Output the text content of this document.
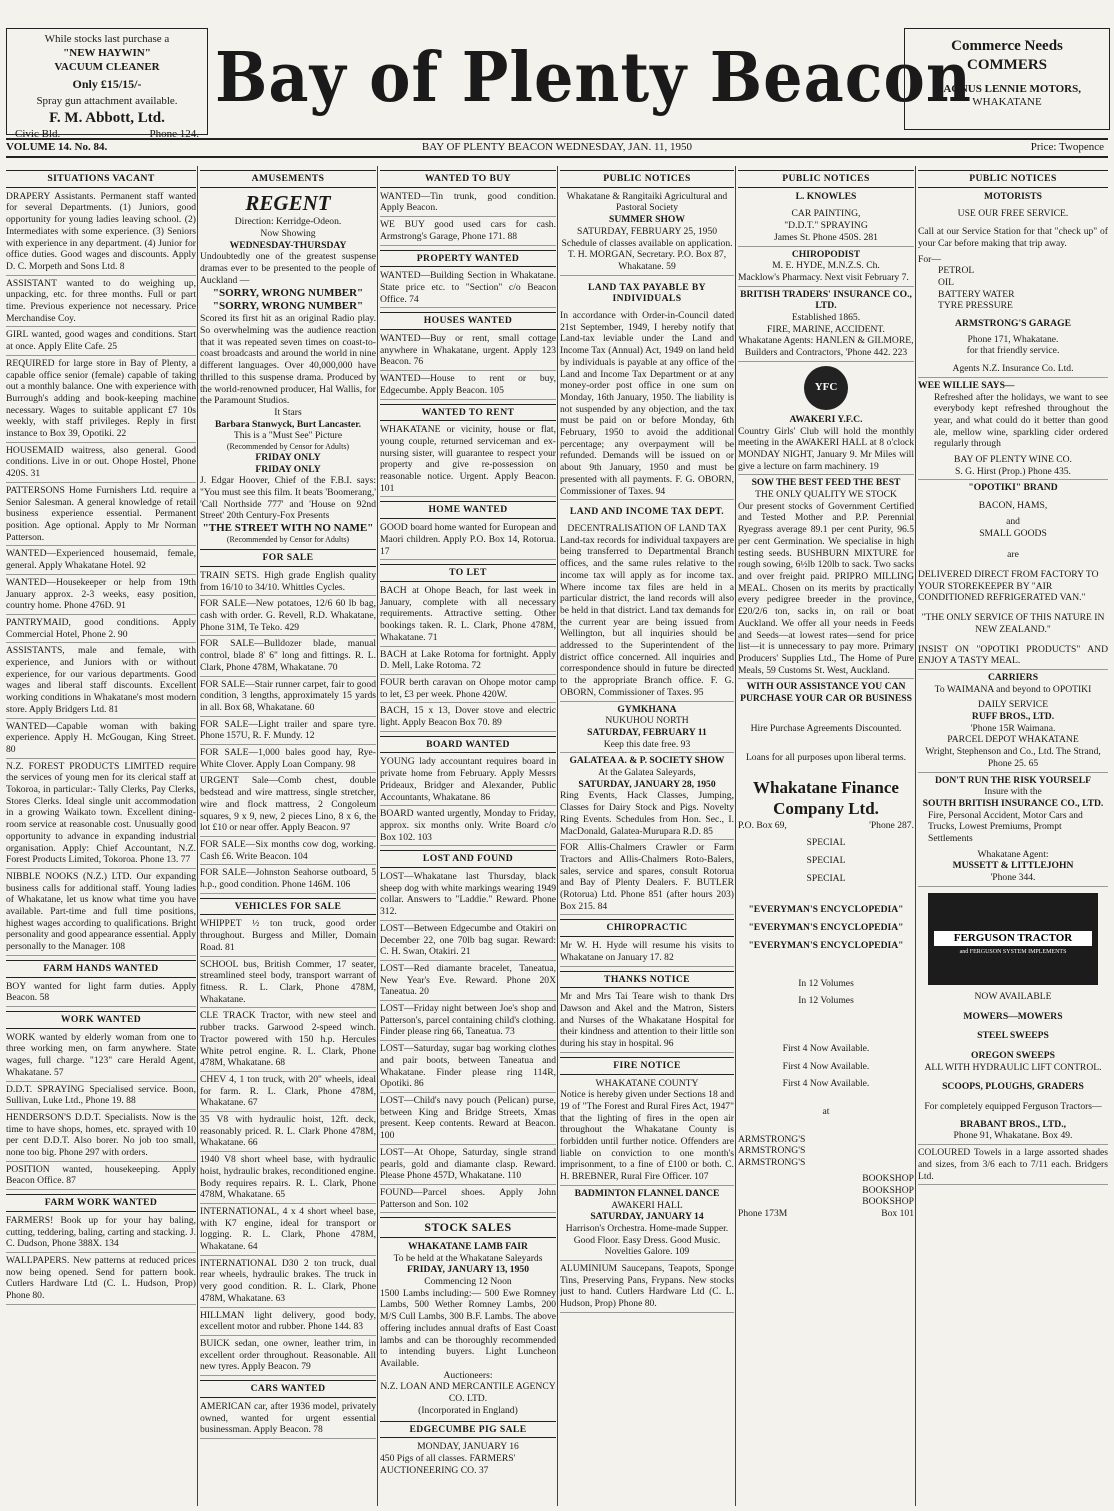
While stocks last purchase a

"NEW HAYWIN"

VACUUM CLEANER

Only £15/15/-

Spray gun attachment available.

F. M. Abbott, Ltd.

Civic Bld.	Phone 124.

Bay of Plenty Beacon

Commerce Needs

COMMERS

MAGNUS LENNIE MOTORS,

WHAKATANE

VOLUME 14. No. 84.	BAY OF PLENTY BEACON WEDNESDAY, JAN. 11, 1950	Price: Twopence
SITUATIONS VACANT

DRAPERY Assistants. Permanent staff wanted for several Departments. (1) Juniors, good opportunity for young ladies leaving school. (2) Intermediates with some experience. (3) Seniors with experience in any department. (4) Junior for office duties. Good wages and discounts. Apply D. C. Morpeth and Sons Ltd. 8

ASSISTANT wanted to do weighing up, unpacking, etc. for three months. Full or part time. Previous experience not necessary. Price Merchandise Coy.

GIRL wanted, good wages and conditions. Start at once. Apply Elite Cafe. 25

REQUIRED for large store in Bay of Plenty, a capable office senior (female) capable of taking out a monthly balance. One with experience with Burrough's adding and book-keeping machine necessary. Wages to suitable applicant £7 10s weekly, with staff privileges. Reply in first instance to Box 39, Opotiki. 22

HOUSEMAID waitress, also general. Good conditions. Live in or out. Ohope Hostel, Phone 420S. 31

PATTERSONS Home Furnishers Ltd. require a Senior Salesman. A general knowledge of retail business experience essential. Permanent position. Age optional. Apply to Mr Norman Patterson.

WANTED—Experienced housemaid, female, general. Apply Whakatane Hotel. 92

WANTED—Housekeeper or help from 19th January approx. 2-3 weeks, easy position, country home. Phone 476D. 91

PANTRYMAID, good conditions. Apply Commercial Hotel, Phone 2. 90

ASSISTANTS, male and female, with experience, and Juniors with or without experience, for our various departments. Good wages and liberal staff discounts. Excellent working conditions in Whakatane's most modern store. Apply Bridgers Ltd. 81

WANTED—Capable woman with baking experience. Apply H. McGougan, King Street. 80

N.Z. FOREST PRODUCTS LIMITED require the services of young men for its clerical staff at Tokoroa, in particular:- Tally Clerks, Pay Clerks, Stores Clerks. Ideal single unit accommodation in a growing Waikato town. Excellent dining-room service at reasonable cost. Unusually good opportunity to advance in expanding industrial organisation. Apply: Chief Accountant, N.Z. Forest Products Limited, Tokoroa. Phone 13. 77

NIBBLE NOOKS (N.Z.) LTD. Our expanding business calls for additional staff. Young ladies of Whakatane, let us know what time you have available. Part-time and full time positions, highest wages according to qualifications. Bright personality and good appearance essential. Apply personally to the Manager. 108

FARM HANDS WANTED

BOY wanted for light farm duties. Apply Beacon. 58

WORK WANTED

WORK wanted by elderly woman from one to three working men, on farm anywhere. State wages, full charge. "123" care Herald Agent, Whakatane. 57

D.D.T. SPRAYING Specialised service. Boon, Sullivan, Luke Ltd., Phone 19. 88

HENDERSON'S D.D.T. Specialists. Now is the time to have shops, homes, etc. sprayed with 10 per cent D.D.T. Also borer. No job too small, none too big. Phone 297 with orders.

POSITION wanted, housekeeping. Apply Beacon Office. 87

FARM WORK WANTED

FARMERS! Book up for your hay baling, cutting, teddering, baling, carting and stacking. J. C. Dudson, Phone 388X. 134

WALLPAPERS. New patterns at reduced prices now being opened. Send for pattern book. Cutlers Hardware Ltd (C. L. Hudson, Prop) Phone 80.

AMUSEMENTS

REGENT

Direction: Kerridge-Odeon.

Now Showing

WEDNESDAY-THURSDAY

Undoubtedly one of the greatest suspense dramas ever to be presented to the people of Auckland —

"SORRY, WRONG NUMBER"

"SORRY, WRONG NUMBER"

Scored its first hit as an original Radio play. So overwhelming was the audience reaction that it was repeated seven times on coast-to-coast broadcasts and around the world in nine different languages. Over 40,000,000 have thrilled to this suspense drama. Produced by the world-renowned producer, Hal Wallis, for the Paramount Studios.

It Stars

Barbara Stanwyck, Burt Lancaster.

This is a "Must See" Picture

(Recommended by Censor for Adults)

FRIDAY ONLY

FRIDAY ONLY

J. Edgar Hoover, Chief of the F.B.I. says: "You must see this film. It beats 'Boomerang,' 'Call Northside 777' and 'House on 92nd Street' 20th Century-Fox Presents

"THE STREET WITH NO NAME"

(Recommended by Censor for Adults)

FOR SALE

TRAIN SETS. High grade English quality from 16/10 to 34/10. Whittles Cycles.

FOR SALE—New potatoes, 12/6 60 lb bag, cash with order. G. Revell, R.D. Whakatane, Phone 31M, Te Teko. 429

FOR SALE—Bulldozer blade, manual control, blade 8' 6" long and fittings. R. L. Clark, Phone 478M, Whakatane. 70

FOR SALE—Stair runner carpet, fair to good condition, 3 lengths, approximately 15 yards in all. Box 68, Whakatane. 60

FOR SALE—Light trailer and spare tyre. Phone 157U, R. F. Mundy. 12

FOR SALE—1,000 bales good hay, Rye-White Clover. Apply Loan Company. 98

URGENT Sale—Comb chest, double bedstead and wire mattress, single stretcher, wire and flock mattress, 2 Congoleum squares, 9 x 9, new, 2 pieces Lino, 8 x 6, the lot £10 or near offer. Apply Beacon. 97

FOR SALE—Six months cow dog, working. Cash £6. Write Beacon. 104

FOR SALE—Johnston Seahorse outboard, 5 h.p., good condition. Phone 146M. 106

VEHICLES FOR SALE

WHIPPET ½ ton truck, good order throughout. Burgess and Miller, Domain Road. 81

SCHOOL bus, British Commer, 17 seater, streamlined steel body, transport warrant of fitness. R. L. Clark, Phone 478M, Whakatane.

CLE TRACK Tractor, with new steel and rubber tracks. Garwood 2-speed winch. Tractor powered with 150 h.p. Hercules White petrol engine. R. L. Clark, Phone 478M, Whakatane. 68

CHEV 4, 1 ton truck, with 20" wheels, ideal for farm. R. L. Clark, Phone 478M, Whakatane. 67

35 V8 with hydraulic hoist, 12ft. deck, reasonably priced. R. L. Clark Phone 478M, Whakatane. 66

1940 V8 short wheel base, with hydraulic hoist, hydraulic brakes, reconditioned engine. Body requires repairs. R. L. Clark, Phone 478M, Whakatane. 65

INTERNATIONAL, 4 x 4 short wheel base, with K7 engine, ideal for transport or logging. R. L. Clark, Phone 478M, Whakatane. 64

INTERNATIONAL D30 2 ton truck, dual rear wheels, hydraulic brakes. The truck in very good condition. R. L. Clark, Phone 478M, Whakatane. 63

HILLMAN light delivery, good body, excellent motor and rubber. Phone 144. 83

BUICK sedan, one owner, leather trim, in excellent order throughout. Reasonable. All new tyres. Apply Beacon. 79

CARS WANTED

AMERICAN car, after 1936 model, privately owned, wanted for urgent essential businessman. Apply Beacon. 78

WANTED TO BUY

WANTED—Tin trunk, good condition. Apply Beacon.

WE BUY good used cars for cash. Armstrong's Garage, Phone 171. 88

PROPERTY WANTED

WANTED—Building Section in Whakatane. State price etc. to "Section" c/o Beacon Office. 74

HOUSES WANTED

WANTED—Buy or rent, small cottage anywhere in Whakatane, urgent. Apply 123 Beacon. 76

WANTED—House to rent or buy, Edgecumbe. Apply Beacon. 105

WANTED TO RENT

WHAKATANE or vicinity, house or flat, young couple, returned serviceman and ex-nursing sister, will guarantee to respect your property and give re-possession on reasonable notice. Urgent. Apply Beacon. 101

HOME WANTED

GOOD board home wanted for European and Maori children. Apply P.O. Box 14, Rotorua. 17

TO LET

BACH at Ohope Beach, for last week in January, complete with all necessary requirements. Attractive setting. Other bookings taken. R. L. Clark, Phone 478M, Whakatane. 71

BACH at Lake Rotoma for fortnight. Apply D. Mell, Lake Rotoma. 72

FOUR berth caravan on Ohope motor camp to let, £3 per week. Phone 420W.

BACH, 15 x 13, Dover stove and electric light. Apply Beacon Box 70. 89

BOARD WANTED

YOUNG lady accountant requires board in private home from February. Apply Messrs Prideaux, Bridger and Alexander, Public Accountants, Whakatane. 86

BOARD wanted urgently, Monday to Friday, approx. six months only. Write Board c/o Box 102. 103

LOST AND FOUND

LOST—Whakatane last Thursday, black sheep dog with white markings wearing 1949 collar. Answers to "Laddie." Reward. Phone 312.

LOST—Between Edgecumbe and Otakiri on December 22, one 70lb bag sugar. Reward: C. H. Swan, Otakiri. 21

LOST—Red diamante bracelet, Taneatua, New Year's Eve. Reward. Phone 20X Taneatua. 20

LOST—Friday night between Joe's shop and Patterson's, parcel containing child's clothing. Finder please ring 66, Taneatua. 73

LOST—Saturday, sugar bag working clothes and pair boots, between Taneatua and Whakatane. Finder please ring 114R, Opotiki. 86

LOST—Child's navy pouch (Pelican) purse, between King and Bridge Streets, Xmas present. Keep contents. Reward at Beacon. 100

LOST—At Ohope, Saturday, single strand pearls, gold and diamante clasp. Reward. Please Phone 457D, Whakatane. 110

FOUND—Parcel shoes. Apply John Patterson and Son. 102

STOCK SALES

WHAKATANE LAMB FAIR

To be held at the Whakatane Saleyards

FRIDAY, JANUARY 13, 1950

Commencing 12 Noon

1500 Lambs including:— 500 Ewe Romney Lambs, 500 Wether Romney Lambs, 200 M/S Cull Lambs, 300 B.F. Lambs. The above offering includes annual drafts of East Coast lambs and can be thoroughly recommended to intending buyers. Light Luncheon Available.

Auctioneers:

N.Z. LOAN AND MERCANTILE AGENCY CO. LTD.

(Incorporated in England)

EDGECUMBE PIG SALE

MONDAY, JANUARY 16

450 Pigs of all classes. FARMERS' AUCTIONEERING CO. 37

PUBLIC NOTICES

Whakatane & Rangitaiki Agricultural and Pastoral Society

SUMMER SHOW

SATURDAY, FEBRUARY 25, 1950

Schedule of classes available on application.

T. H. MORGAN, Secretary. P.O. Box 87, Whakatane. 59

LAND TAX PAYABLE BY INDIVIDUALS

In accordance with Order-in-Council dated 21st September, 1949, I hereby notify that Land-tax leviable under the Land and Income Tax (Annual) Act, 1949 on land held by individuals is payable at any office of the Land and Income Tax Department or at any money-order post office in one sum on Monday, 16th January, 1950. The liability is not suspended by any objection, and the tax must be paid on or before Monday, 6th February, 1950 to avoid the additional percentage; any overpayment will be refunded. Demands will be issued on or about 9th January, 1950 and must be presented with all payments. F. G. OBORN, Commissioner of Taxes. 94

LAND AND INCOME TAX DEPT.

DECENTRALISATION OF LAND TAX

Land-tax records for individual taxpayers are being transferred to Departmental Branch offices, and the same rules relative to the income tax will apply as for income tax. Where income tax files are held in a particular district, the land records will also be held in that district. Land tax demands for the current year are being issued from Wellington, but all inquiries should be addressed to the Superintendent of the district office concerned. All inquiries and correspondence should in future be directed to the appropriate Branch office. F. G. OBORN, Commissioner of Taxes. 95

GYMKHANA

NUKUHOU NORTH

SATURDAY, FEBRUARY 11

Keep this date free. 93

GALATEA A. & P. SOCIETY SHOW

At the Galatea Saleyards,

SATURDAY, JANUARY 28, 1950

Ring Events, Hack Classes, Jumping, Classes for Dairy Stock and Pigs. Novelty Ring Events. Schedules from Hon. Sec., I. MacDonald, Galatea-Murupara R.D. 85

FOR Allis-Chalmers Crawler or Farm Tractors and Allis-Chalmers Roto-Balers, sales, service and spares, consult Rotorua and Bay of Plenty Dealers. F. BUTLER (Rotorua) Ltd. Phone 851 (after hours 203) Box 215. 84

CHIROPRACTIC

Mr W. H. Hyde will resume his visits to Whakatane on January 17. 82

THANKS NOTICE

Mr and Mrs Tai Teare wish to thank Drs Dawson and Akel and the Matron, Sisters and Nurses of the Whakatane Hospital for their kindness and attention to their little son during his stay in hospital. 96

FIRE NOTICE

WHAKATANE COUNTY

Notice is hereby given under Sections 18 and 19 of "The Forest and Rural Fires Act, 1947" that the lighting of fires in the open air throughout the Whakatane County is forbidden until further notice. Offenders are liable on conviction to one month's imprisonment, to a fine of £100 or both. C. H. BREBNER, Rural Fire Officer. 107

BADMINTON FLANNEL DANCE

AWAKERI HALL

SATURDAY, JANUARY 14

Harrison's Orchestra. Home-made Supper. Good Floor. Easy Dress. Good Music. Novelties Galore. 109

ALUMINIUM Saucepans, Teapots, Sponge Tins, Preserving Pans, Frypans. New stocks just to hand. Cutlers Hardware Ltd (C. L. Hudson, Prop) Phone 80.

PUBLIC NOTICES

L. KNOWLES

CAR PAINTING,

"D.D.T." SPRAYING

James St. Phone 450S. 281

CHIROPODIST

M. E. HYDE, M.N.Z.S. Ch.

Macklow's Pharmacy. Next visit February 7.

BRITISH TRADERS' INSURANCE CO., LTD.

Established 1865.

FIRE, MARINE, ACCIDENT.

Whakatane Agents: HANLEN & GILMORE, Builders and Contractors, 'Phone 442. 223

YFC

AWAKERI Y.F.C.

Country Girls' Club will hold the monthly meeting in the AWAKERI HALL at 8 o'clock MONDAY NIGHT, January 9. Mr Miles will give a lecture on farm machinery. 19

SOW THE BEST FEED THE BEST

THE ONLY QUALITY WE STOCK

Our present stocks of Government Certified and Tested Mother and P.P. Perennial Ryegrass average 89.1 per cent Purity, 96.5 per cent Germination. We specialise in high testing seeds. BUSHBURN MIXTURE for rough sowing, 6½lb 120lb to sack. Two sacks and over freight paid. PRIPRO MILLING MEAL. Chosen on its merits by practically every pedigree breeder in the province, £20/2/6 ton, sacks in, on rail or boat Auckland. We offer all your needs in Feeds and Seeds—at lowest rates—send for price list—it is unnecessary to pay more. Primary Producers' Supplies Ltd., The Home of Pure Meals, 59 Customs St. West, Auckland.

WITH OUR ASSISTANCE YOU CAN PURCHASE YOUR CAR OR BUSINESS

Hire Purchase Agreements Discounted.

Loans for all purposes upon liberal terms.

Whakatane Finance Company Ltd.

P.O. Box 69,	'Phone 287.

SPECIAL

SPECIAL

SPECIAL

"EVERYMAN'S ENCYCLOPEDIA"

"EVERYMAN'S ENCYCLOPEDIA"

"EVERYMAN'S ENCYCLOPEDIA"

In 12 Volumes

In 12 Volumes

First 4 Now Available.

First 4 Now Available.

First 4 Now Available.

at

ARMSTRONG'S

ARMSTRONG'S

ARMSTRONG'S

BOOKSHOP

BOOKSHOP

BOOKSHOP

Phone 173M	Box 101

PUBLIC NOTICES

MOTORISTS

USE OUR FREE SERVICE.

Call at our Service Station for that "check up" of your Car before making that trip away.

For—

PETROL

OIL

BATTERY WATER

TYRE PRESSURE

ARMSTRONG'S GARAGE

Phone 171, Whakatane.

for that friendly service.

Agents N.Z. Insurance Co. Ltd.

WEE WILLIE SAYS—

Refreshed after the holidays, we want to see everybody kept refreshed throughout the year, and what could do it better than good ale, mellow wine, sparkling cider ordered regularly through

BAY OF PLENTY WINE CO.

S. G. Hirst (Prop.) Phone 435.

"OPOTIKI" BRAND

BACON, HAMS,

and

SMALL GOODS

are

DELIVERED DIRECT FROM FACTORY TO YOUR STOREKEEPER BY "AIR CONDITIONED REFRIGERATED VAN."

"THE ONLY SERVICE OF THIS NATURE IN NEW ZEALAND."

INSIST ON "OPOTIKI PRODUCTS" AND ENJOY A TASTY MEAL.

CARRIERS

To WAIMANA and beyond to OPOTIKI

DAILY SERVICE

RUFF BROS., LTD.

'Phone 15R Waimana.

PARCEL DEPOT WHAKATANE

Wright, Stephenson and Co., Ltd. The Strand, Phone 25. 65

DON'T RUN THE RISK YOURSELF

Insure with the

SOUTH BRITISH INSURANCE CO., LTD.

Fire, Personal Accident, Motor Cars and Trucks, Lowest Premiums, Prompt Settlements

Whakatane Agent:

MUSSETT & LITTLEJOHN

'Phone 344.

FERGUSON TRACTOR
and FERGUSON SYSTEM IMPLEMENTS

NOW AVAILABLE

MOWERS—MOWERS

STEEL SWEEPS

OREGON SWEEPS

ALL WITH HYDRAULIC LIFT CONTROL.

SCOOPS, PLOUGHS, GRADERS

For completely equipped Ferguson Tractors—

BRABANT BROS., LTD.,

Phone 91, Whakatane. Box 49.

COLOURED Towels in a large assorted shades and sizes, from 3/6 each to 7/11 each. Bridgers Ltd.
